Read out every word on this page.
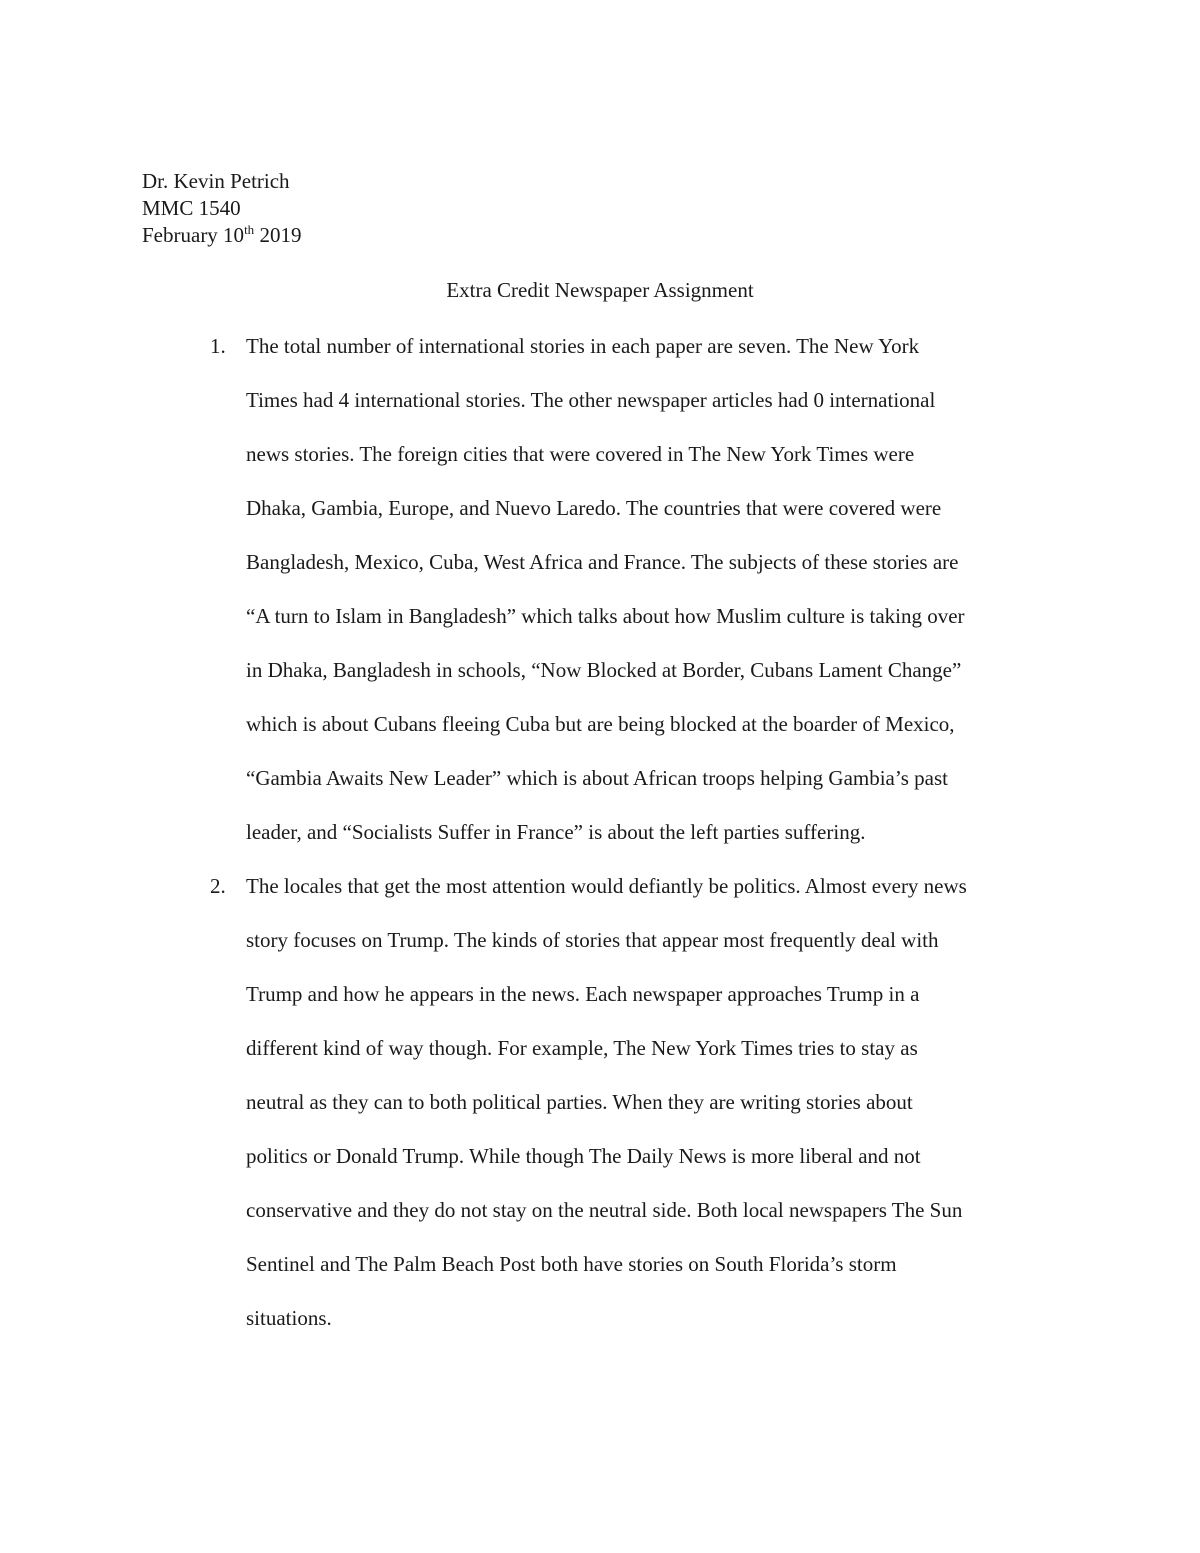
Dr. Kevin Petrich
MMC 1540
February 10th 2019
Extra Credit Newspaper Assignment
1. The total number of international stories in each paper are seven. The New York
Times had 4 international stories. The other newspaper articles had 0 international
news stories. The foreign cities that were covered in The New York Times were
Dhaka, Gambia, Europe, and Nuevo Laredo. The countries that were covered were
Bangladesh, Mexico, Cuba, West Africa and France. The subjects of these stories are
“A turn to Islam in Bangladesh” which talks about how Muslim culture is taking over
in Dhaka, Bangladesh in schools, “Now Blocked at Border, Cubans Lament Change”
which is about Cubans fleeing Cuba but are being blocked at the boarder of Mexico,
“Gambia Awaits New Leader” which is about African troops helping Gambia’s past
leader, and “Socialists Suffer in France” is about the left parties suffering.
2. The locales that get the most attention would defiantly be politics. Almost every news
story focuses on Trump. The kinds of stories that appear most frequently deal with
Trump and how he appears in the news. Each newspaper approaches Trump in a
different kind of way though. For example, The New York Times tries to stay as
neutral as they can to both political parties. When they are writing stories about
politics or Donald Trump. While though The Daily News is more liberal and not
conservative and they do not stay on the neutral side. Both local newspapers The Sun
Sentinel and The Palm Beach Post both have stories on South Florida’s storm
situations.
